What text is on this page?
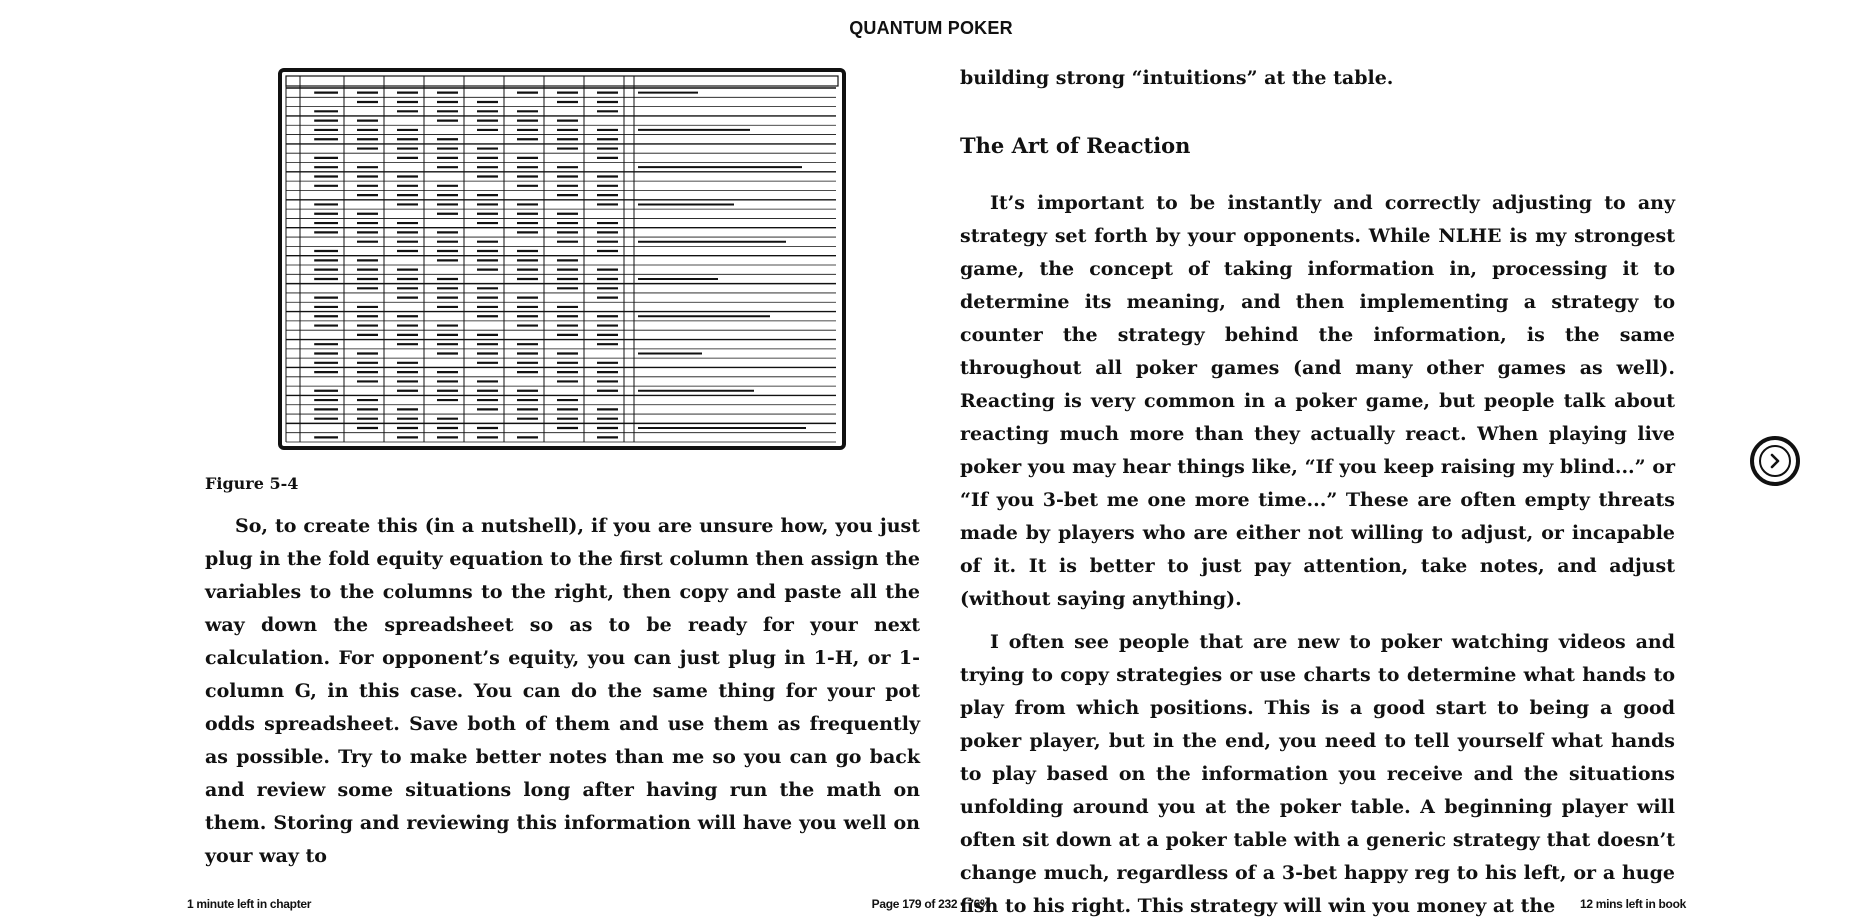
QUANTUM POKER
Figure 5-4

So, to create this (in a nutshell), if you are unsure how, you just plug in the fold equity equation to the first column then assign the variables to the columns to the right, then copy and paste all the way down the spreadsheet so as to be ready for your next calculation. For opponent’s equity, you can just plug in 1-H, or 1-column G, in this case. You can do the same thing for your pot odds spreadsheet. Save both of them and use them as frequently as possible. Try to make better notes than me so you can go back and review some situations long after having run the math on them. Storing and reviewing this information will have you well on your way to

building strong “intuitions” at the table.

The Art of Reaction

It’s important to be instantly and correctly adjusting to any strategy set forth by your opponents. While NLHE is my strongest game, the concept of taking information in, processing it to determine its meaning, and then implementing a strategy to counter the strategy behind the information, is the same throughout all poker games (and many other games as well). Reacting is very common in a poker game, but people talk about reacting much more than they actually react. When playing live poker you may hear things like, “If you keep raising my blind...” or “If you 3-bet me one more time...” These are often empty threats made by players who are either not willing to adjust, or incapable of it. It is better to just pay attention, take notes, and adjust (without saying anything).

I often see people that are new to poker watching videos and trying to copy strategies or use charts to determine what hands to play from which positions. This is a good start to being a good poker player, but in the end, you need to tell yourself what hands to play based on the information you receive and the situations unfolding around you at the poker table. A beginning player will often sit down at a poker table with a generic strategy that doesn’t change much, regardless of a 3-bet happy reg to his left, or a huge fish to his right. This strategy will win you money at the

1 minute left in chapter	Page 179 of 232 • 76%	12 mins left in book
